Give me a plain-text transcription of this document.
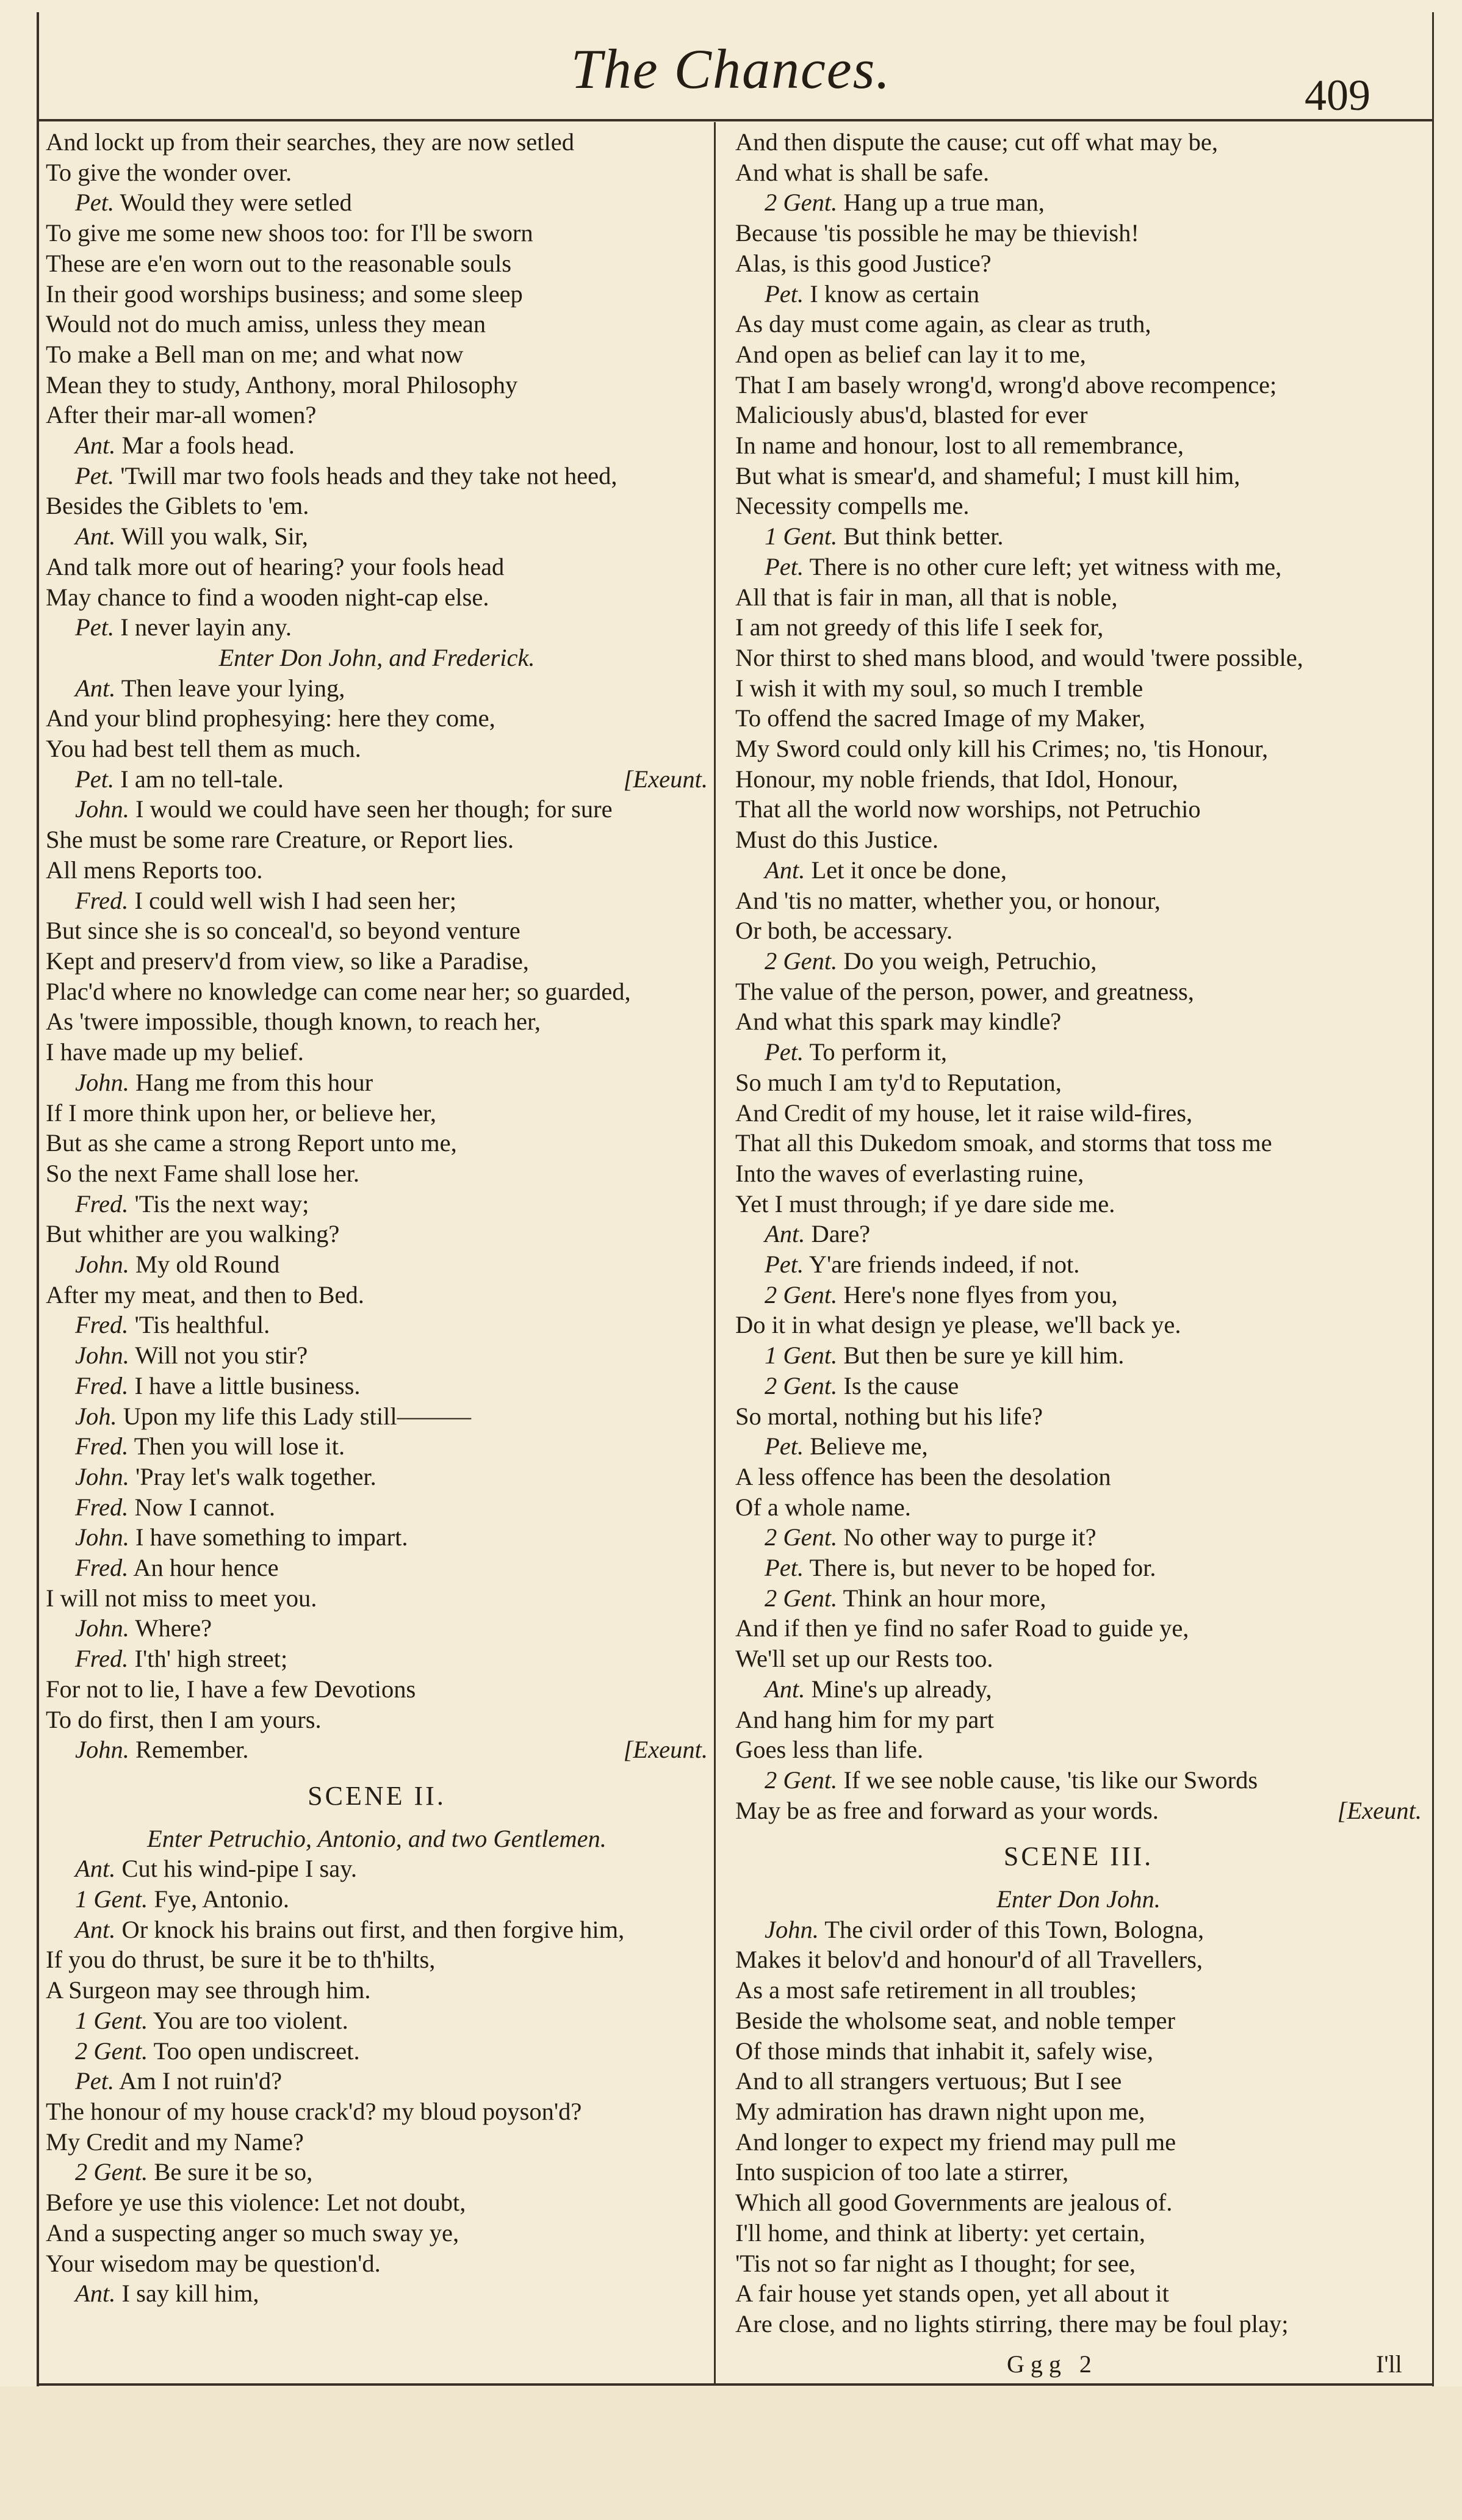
The Chances.	409
And lockt up from their searches, they are now setled
To give the wonder over.
Pet. Would they were setled
To give me some new shoos too: for I'll be sworn
These are e'en worn out to the reasonable souls
In their good worships business; and some sleep
Would not do much amiss, unless they mean
To make a Bell man on me; and what now
Mean they to study, Anthony, moral Philosophy
After their mar-all women?
Ant. Mar a fools head.
Pet. 'Twill mar two fools heads and they take not heed,
Besides the Giblets to 'em.
Ant. Will you walk, Sir,
And talk more out of hearing? your fools head
May chance to find a wooden night-cap else.
Pet. I never layin any.
Enter Don John, and Frederick.
Ant. Then leave your lying,
And your blind prophesying: here they come,
You had best tell them as much.
Pet. I am no tell-tale.	[Exeunt.
John. I would we could have seen her though; for sure
She must be some rare Creature, or Report lies.
All mens Reports too.
Fred. I could well wish I had seen her;
But since she is so conceal'd, so beyond venture
Kept and preserv'd from view, so like a Paradise,
Plac'd where no knowledge can come near her; so guarded,
As 'twere impossible, though known, to reach her,
I have made up my belief.
John. Hang me from this hour
If I more think upon her, or believe her,
But as she came a strong Report unto me,
So the next Fame shall lose her.
Fred. 'Tis the next way;
But whither are you walking?
John. My old Round
After my meat, and then to Bed.
Fred. 'Tis healthful.
John. Will not you stir?
Fred. I have a little business.
Joh. Upon my life this Lady still———
Fred. Then you will lose it.
John. 'Pray let's walk together.
Fred. Now I cannot.
John. I have something to impart.
Fred. An hour hence
I will not miss to meet you.
John. Where?
Fred. I'th' high street;
For not to lie, I have a few Devotions
To do first, then I am yours.
John. Remember.	[Exeunt.
SCENE II.
Enter Petruchio, Antonio, and two Gentlemen.
Ant. Cut his wind-pipe I say.
1 Gent. Fye, Antonio.
Ant. Or knock his brains out first, and then forgive him,
If you do thrust, be sure it be to th'hilts,
A Surgeon may see through him.
1 Gent. You are too violent.
2 Gent. Too open undiscreet.
Pet. Am I not ruin'd?
The honour of my house crack'd? my bloud poyson'd?
My Credit and my Name?
2 Gent. Be sure it be so,
Before ye use this violence: Let not doubt,
And a suspecting anger so much sway ye,
Your wisedom may be question'd.
Ant. I say kill him,
And then dispute the cause; cut off what may be,
And what is shall be safe.
2 Gent. Hang up a true man,
Because 'tis possible he may be thievish!
Alas, is this good Justice?
Pet. I know as certain
As day must come again, as clear as truth,
And open as belief can lay it to me,
That I am basely wrong'd, wrong'd above recompence;
Maliciously abus'd, blasted for ever
In name and honour, lost to all remembrance,
But what is smear'd, and shameful; I must kill him,
Necessity compells me.
1 Gent. But think better.
Pet. There is no other cure left; yet witness with me,
All that is fair in man, all that is noble,
I am not greedy of this life I seek for,
Nor thirst to shed mans blood, and would 'twere possible,
I wish it with my soul, so much I tremble
To offend the sacred Image of my Maker,
My Sword could only kill his Crimes; no, 'tis Honour,
Honour, my noble friends, that Idol, Honour,
That all the world now worships, not Petruchio
Must do this Justice.
Ant. Let it once be done,
And 'tis no matter, whether you, or honour,
Or both, be accessary.
2 Gent. Do you weigh, Petruchio,
The value of the person, power, and greatness,
And what this spark may kindle?
Pet. To perform it,
So much I am ty'd to Reputation,
And Credit of my house, let it raise wild-fires,
That all this Dukedom smoak, and storms that toss me
Into the waves of everlasting ruine,
Yet I must through; if ye dare side me.
Ant. Dare?
Pet. Y'are friends indeed, if not.
2 Gent. Here's none flyes from you,
Do it in what design ye please, we'll back ye.
1 Gent. But then be sure ye kill him.
2 Gent. Is the cause
So mortal, nothing but his life?
Pet. Believe me,
A less offence has been the desolation
Of a whole name.
2 Gent. No other way to purge it?
Pet. There is, but never to be hoped for.
2 Gent. Think an hour more,
And if then ye find no safer Road to guide ye,
We'll set up our Rests too.
Ant. Mine's up already,
And hang him for my part
Goes less than life.
2 Gent. If we see noble cause, 'tis like our Swords
May be as free and forward as your words.	[Exeunt.
SCENE III.
Enter Don John.
John. The civil order of this Town, Bologna,
Makes it belov'd and honour'd of all Travellers,
As a most safe retirement in all troubles;
Beside the wholsome seat, and noble temper
Of those minds that inhabit it, safely wise,
And to all strangers vertuous; But I see
My admiration has drawn night upon me,
And longer to expect my friend may pull me
Into suspicion of too late a stirrer,
Which all good Governments are jealous of.
I'll home, and think at liberty: yet certain,
'Tis not so far night as I thought; for see,
A fair house yet stands open, yet all about it
Are close, and no lights stirring, there may be foul play;
Ggg 2	I'll
